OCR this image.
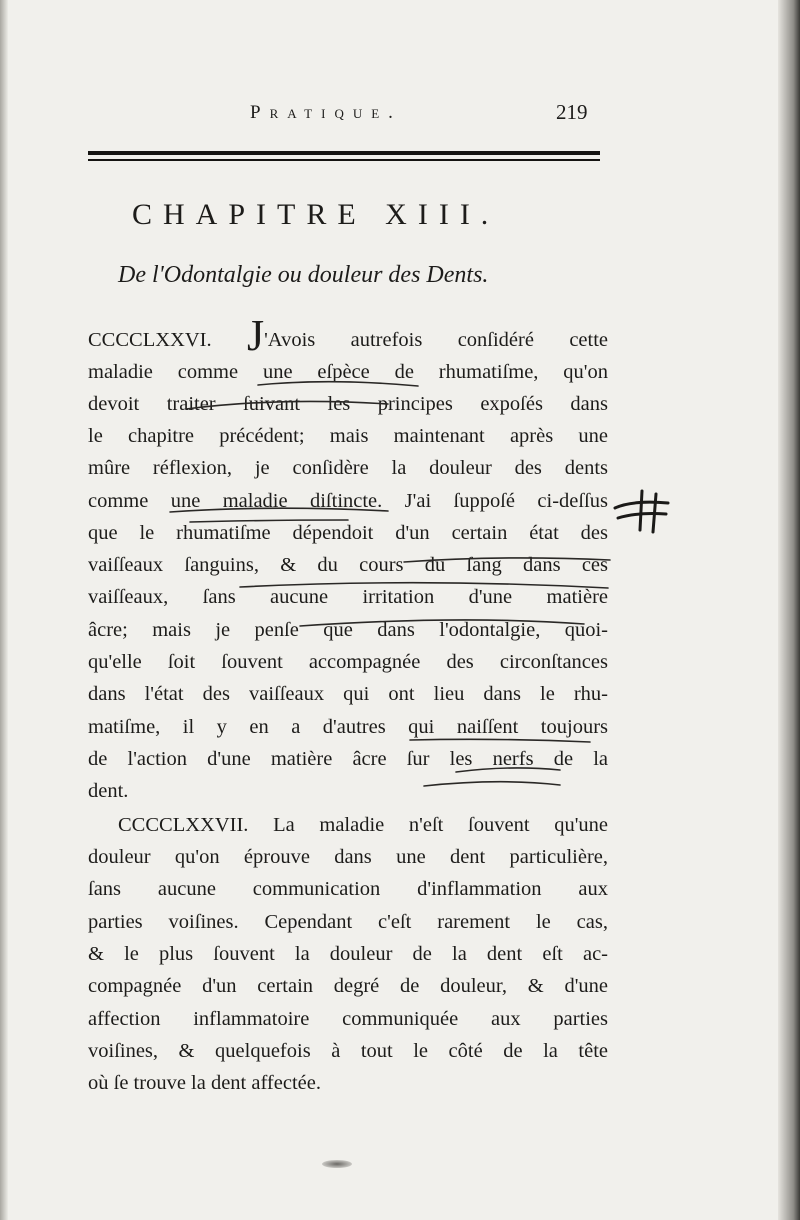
Pratique.	219
CHAPITRE XIII.
De l'Odontalgie ou douleur des Dents.
CCCCLXXVI. J'Avois autrefois conſidéré cette
maladie comme une eſpèce de rhumatiſme, qu'on
devoit traiter ſuivant les principes expoſés dans
le chapitre précédent; mais maintenant après une
mûre réflexion, je conſidère la douleur des dents
comme une maladie diſtincte. J'ai ſuppoſé ci-deſſus
que le rhumatiſme dépendoit d'un certain état des
vaiſſeaux ſanguins, & du cours du ſang dans ces
vaiſſeaux, ſans aucune irritation d'une matière
âcre; mais je penſe que dans l'odontalgie, quoi-
qu'elle ſoit ſouvent accompagnée des circonſtances
dans l'état des vaiſſeaux qui ont lieu dans le rhu-
matiſme, il y en a d'autres qui naiſſent toujours
de l'action d'une matière âcre ſur les nerfs de la
dent.
CCCCLXXVII. La maladie n'eſt ſouvent qu'une
douleur qu'on éprouve dans une dent particulière,
ſans aucune communication d'inflammation aux
parties voiſines. Cependant c'eſt rarement le cas,
& le plus ſouvent la douleur de la dent eſt ac-
compagnée d'un certain degré de douleur, & d'une
affection inflammatoire communiquée aux parties
voiſines, & quelquefois à tout le côté de la tête
où ſe trouve la dent affectée.
